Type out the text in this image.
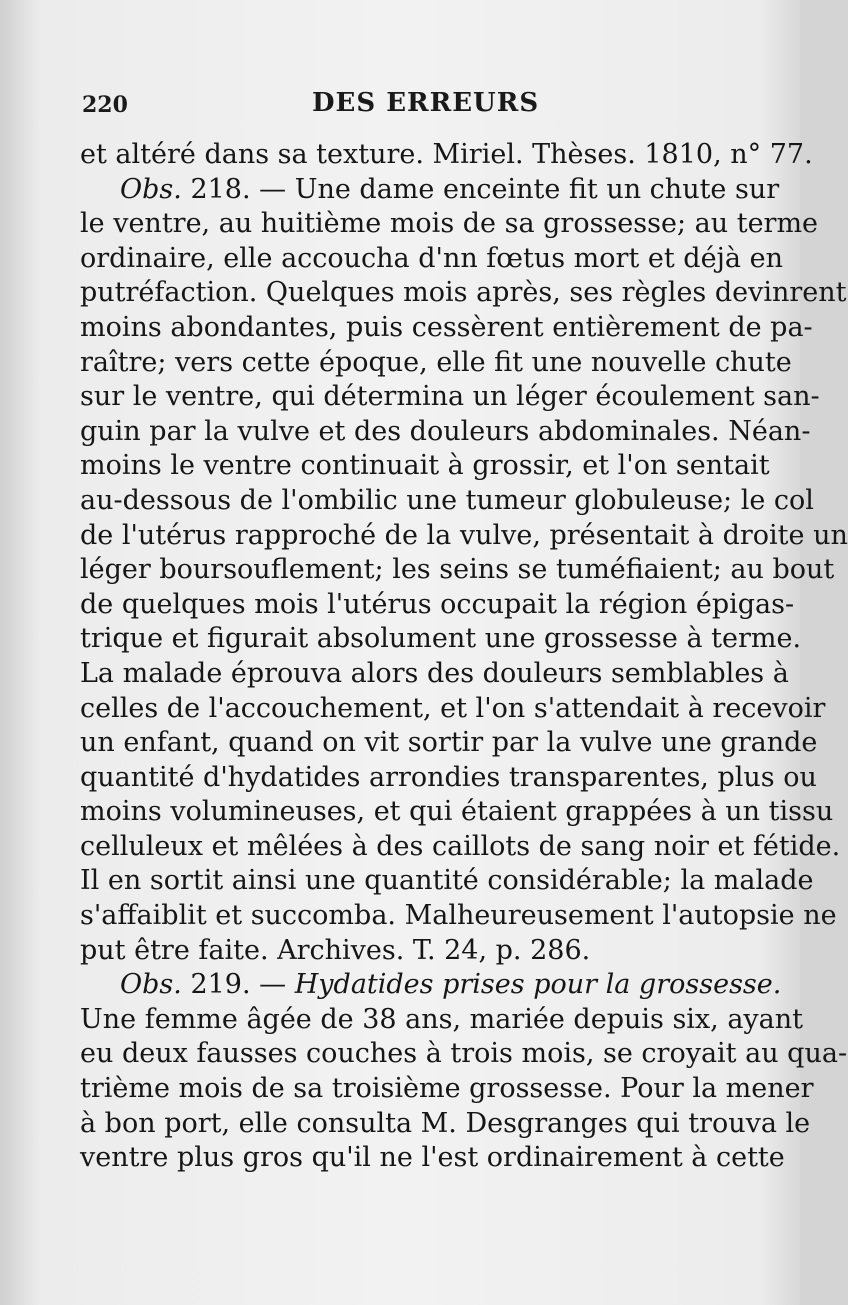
220	DES ERREURS
et altéré dans sa texture. Miriel. Thèses. 1810, n° 77.
Obs. 218. — Une dame enceinte fit un chute sur
le ventre, au huitième mois de sa grossesse; au terme
ordinaire, elle accoucha d'nn fœtus mort et déjà en
putréfaction. Quelques mois après, ses règles devinrent
moins abondantes, puis cessèrent entièrement de pa-
raître; vers cette époque, elle fit une nouvelle chute
sur le ventre, qui détermina un léger écoulement san-
guin par la vulve et des douleurs abdominales. Néan-
moins le ventre continuait à grossir, et l'on sentait
au-dessous de l'ombilic une tumeur globuleuse; le col
de l'utérus rapproché de la vulve, présentait à droite un
léger boursouflement; les seins se tuméfiaient; au bout
de quelques mois l'utérus occupait la région épigas-
trique et figurait absolument une grossesse à terme.
La malade éprouva alors des douleurs semblables à
celles de l'accouchement, et l'on s'attendait à recevoir
un enfant, quand on vit sortir par la vulve une grande
quantité d'hydatides arrondies transparentes, plus ou
moins volumineuses, et qui étaient grappées à un tissu
celluleux et mêlées à des caillots de sang noir et fétide.
Il en sortit ainsi une quantité considérable; la malade
s'affaiblit et succomba. Malheureusement l'autopsie ne
put être faite. Archives. T. 24, p. 286.
Obs. 219. — Hydatides prises pour la grossesse.
Une femme âgée de 38 ans, mariée depuis six, ayant
eu deux fausses couches à trois mois, se croyait au qua-
trième mois de sa troisième grossesse. Pour la mener
à bon port, elle consulta M. Desgranges qui trouva le
ventre plus gros qu'il ne l'est ordinairement à cette
